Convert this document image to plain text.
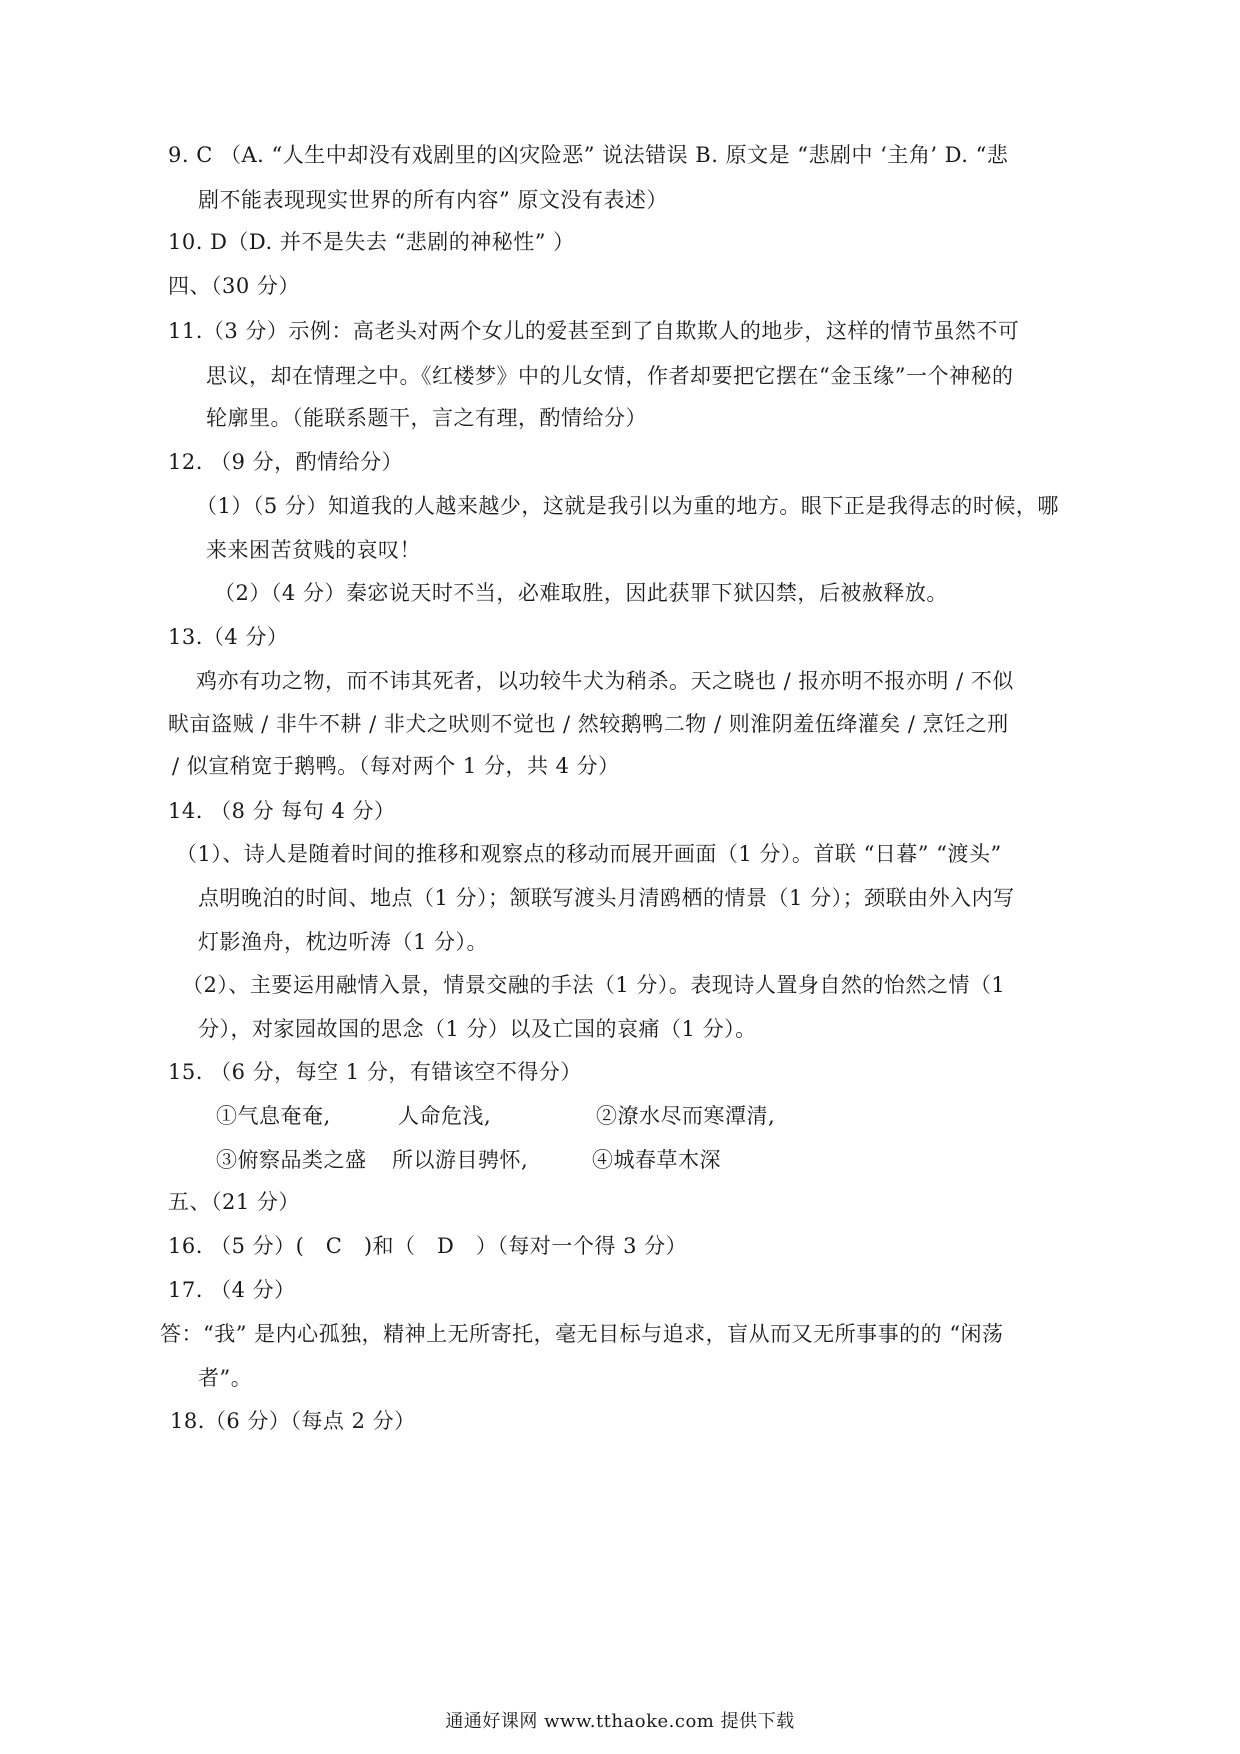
9. C （A. “人生中却没有戏剧里的凶灾险恶” 说法错误 B. 原文是 “悲剧中 ‘主角’ D. “悲
剧不能表现现实世界的所有内容” 原文没有表述）
10. D（D. 并不是失去 “悲剧的神秘性” ）
四、（30 分）
11.（3 分）示例：高老头对两个女儿的爱甚至到了自欺欺人的地步，这样的情节虽然不可
思议，却在情理之中。《红楼梦》中的儿女情，作者却要把它摆在“金玉缘”一个神秘的
轮廓里。（能联系题干，言之有理，酌情给分）
12. （9 分，酌情给分）
（1）（5 分）知道我的人越来越少，这就是我引以为重的地方。眼下正是我得志的时候，哪
来来困苦贫贱的哀叹！
（2）（4 分）秦宓说天时不当，必难取胜，因此获罪下狱囚禁，后被赦释放。
13.（4 分）
鸡亦有功之物，而不讳其死者，以功较牛犬为稍杀。天之晓也 / 报亦明不报亦明 / 不似
畎亩盗贼 / 非牛不耕 / 非犬之吠则不觉也 / 然较鹅鸭二物 / 则淮阴羞伍绛灌矣 / 烹饪之刑
/ 似宣稍宽于鹅鸭。（每对两个 1 分，共 4 分）
14. （8 分 每句 4 分）
（1）、诗人是随着时间的推移和观察点的移动而展开画面（1 分）。首联 “日暮” “渡头”
点明晚泊的时间、地点（1 分）；颔联写渡头月清鸥栖的情景（1 分）；颈联由外入内写
灯影渔舟，枕边听涛（1 分）。
（2）、主要运用融情入景，情景交融的手法（1 分）。表现诗人置身自然的怡然之情（1
分），对家园故国的思念（1 分）以及亡国的哀痛（1 分）。
15. （6 分，每空 1 分，有错该空不得分）
①气息奄奄,	人命危浅,	②潦水尽而寒潭清,
③俯察品类之盛 所以游目骋怀,	④城春草木深
五、（21 分）
16. （5 分）(　C　)和（　D　）（每对一个得 3 分）
17. （4 分）
答：“我” 是内心孤独，精神上无所寄托，毫无目标与追求，盲从而又无所事事的的 “闲荡
者”。
18.（6 分）（每点 2 分）
通通好课网 www.tthaoke.com 提供下载
